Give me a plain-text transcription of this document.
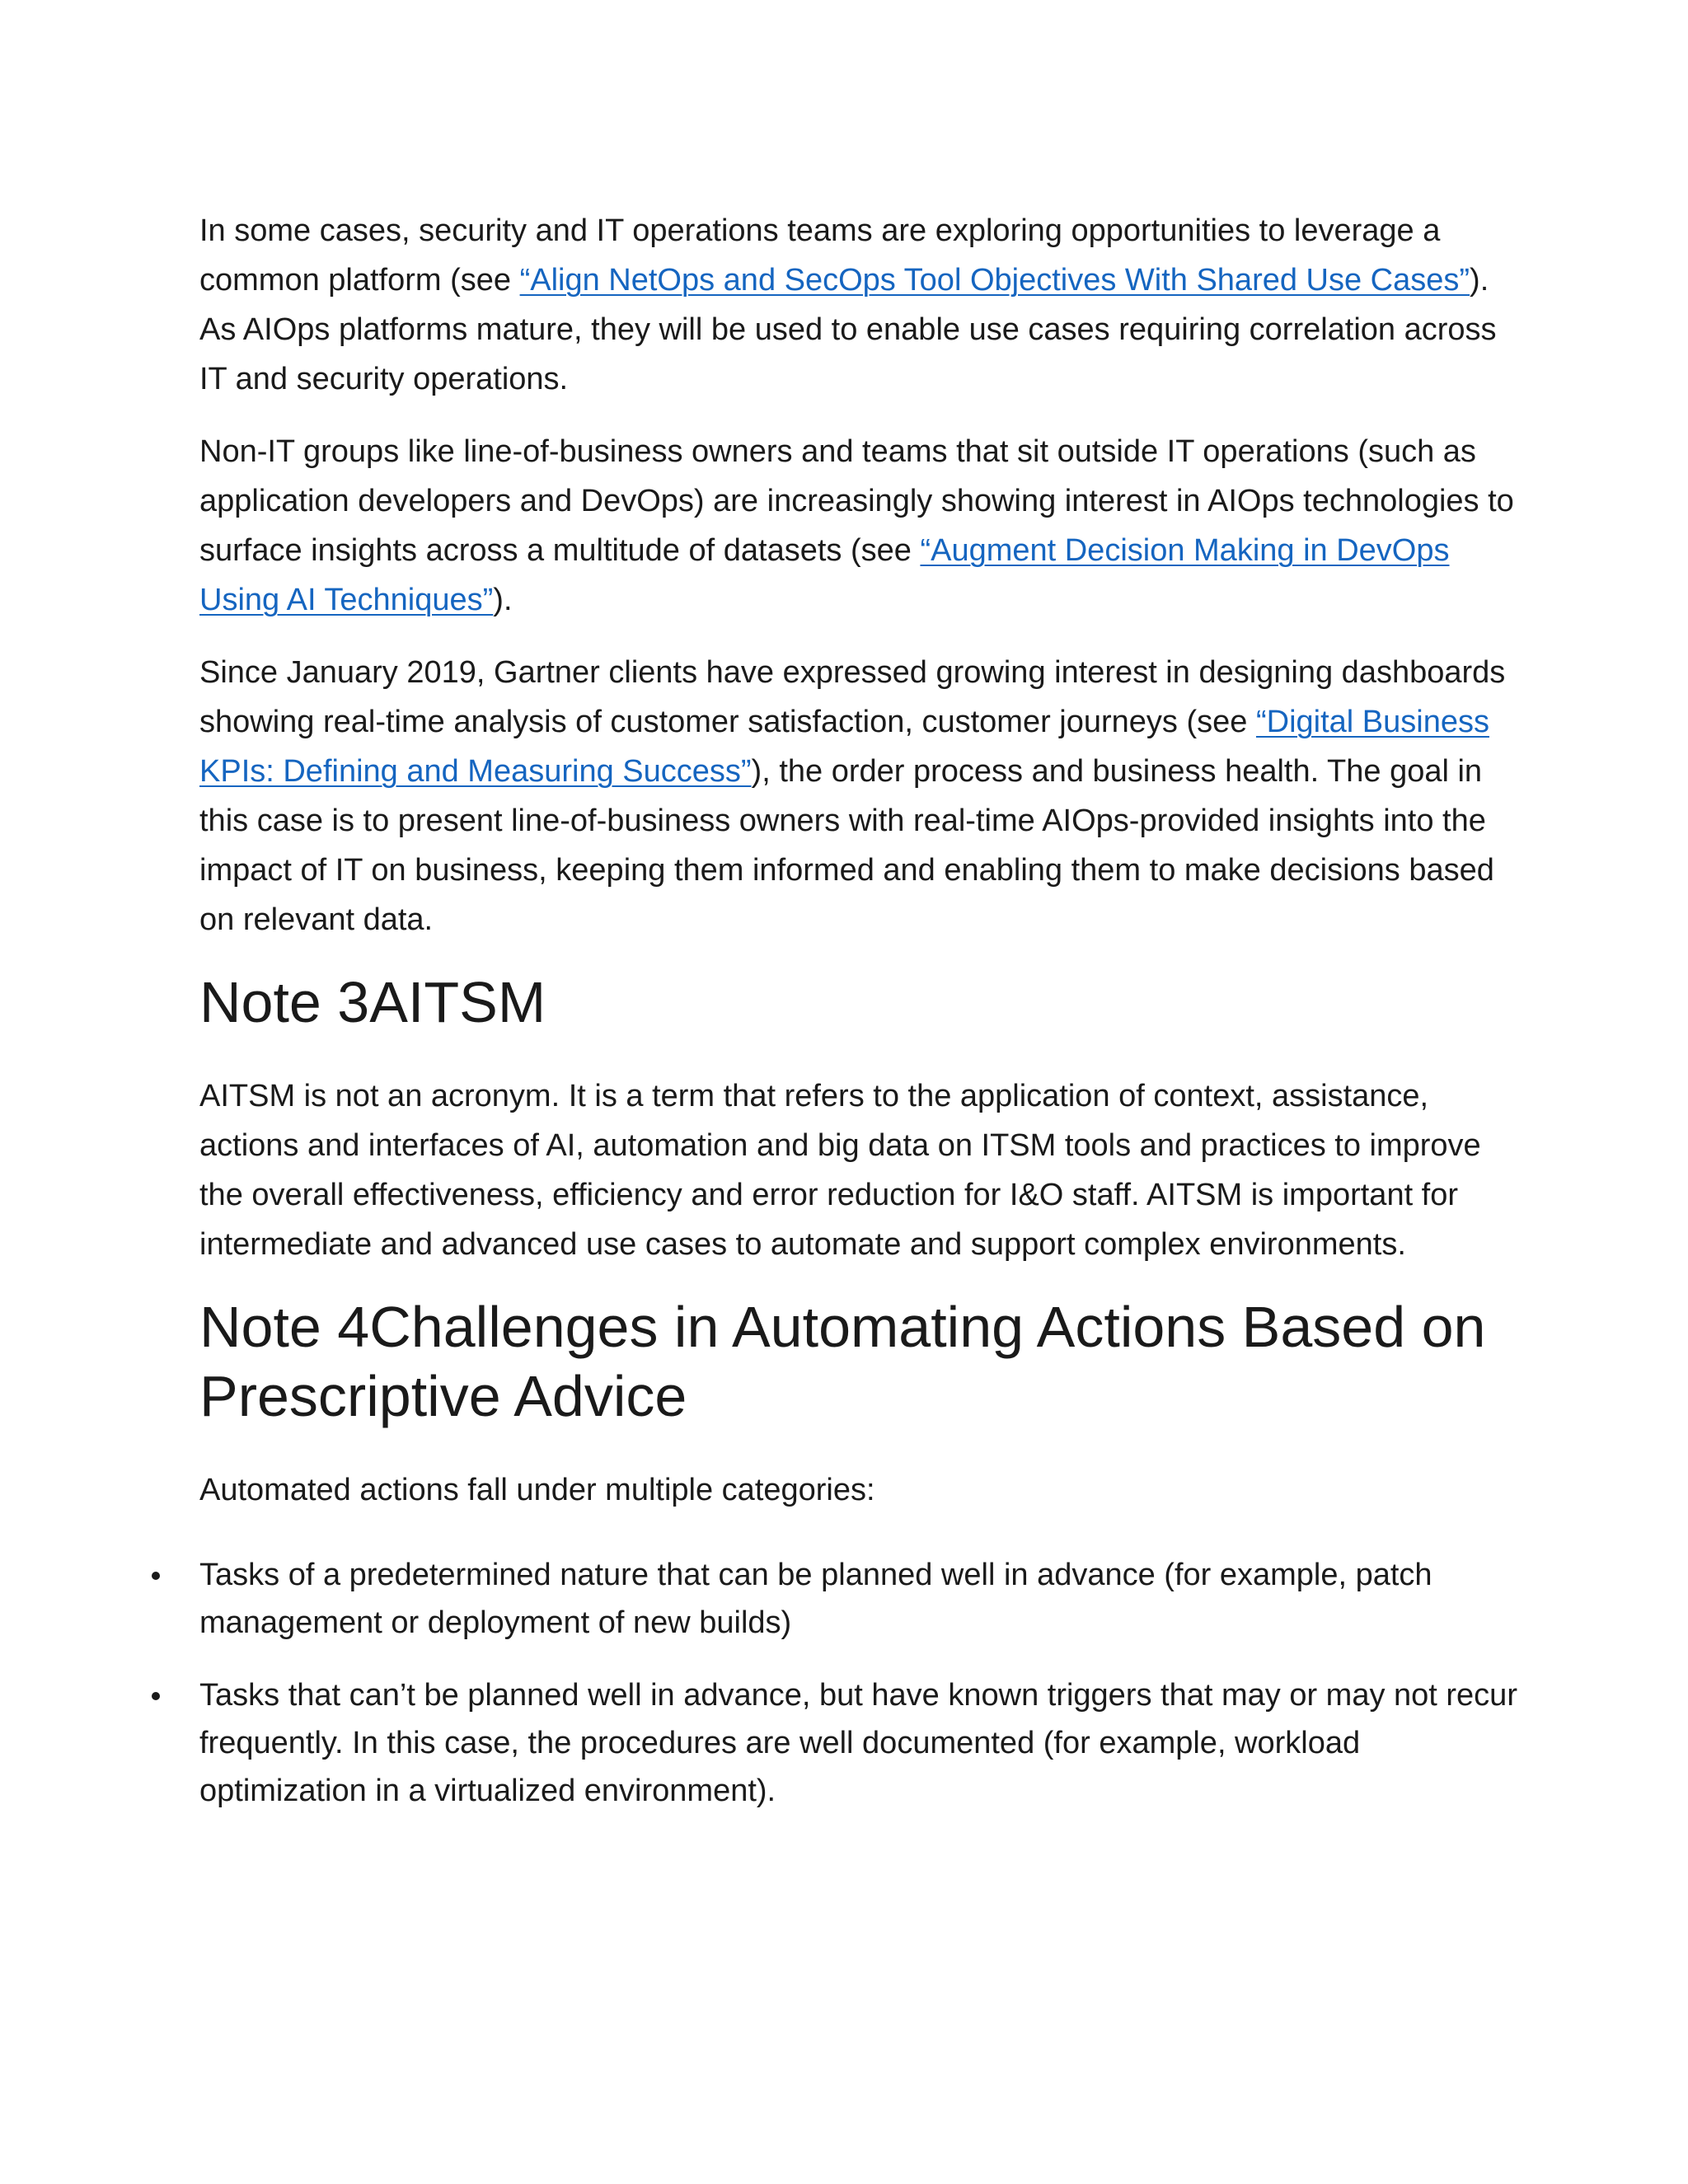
In some cases, security and IT operations teams are exploring opportunities to leverage a common platform (see “Align NetOps and SecOps Tool Objectives With Shared Use Cases”). As AIOps platforms mature, they will be used to enable use cases requiring correlation across IT and security operations.

Non-IT groups like line-of-business owners and teams that sit outside IT operations (such as application developers and DevOps) are increasingly showing interest in AIOps technologies to surface insights across a multitude of datasets (see “Augment Decision Making in DevOps Using AI Techniques”).

Since January 2019, Gartner clients have expressed growing interest in designing dashboards showing real-time analysis of customer satisfaction, customer journeys (see “Digital Business KPIs: Defining and Measuring Success”), the order process and business health. The goal in this case is to present line-of-business owners with real-time AIOps-provided insights into the impact of IT on business, keeping them informed and enabling them to make decisions based on relevant data.

Note 3AITSM

AITSM is not an acronym. It is a term that refers to the application of context, assistance, actions and interfaces of AI, automation and big data on ITSM tools and practices to improve the overall effectiveness, efficiency and error reduction for I&O staff. AITSM is important for intermediate and advanced use cases to automate and support complex environments.

Note 4Challenges in Automating Actions Based on Prescriptive Advice

Automated actions fall under multiple categories:

Tasks of a predetermined nature that can be planned well in advance (for example, patch management or deployment of new builds)
Tasks that can’t be planned well in advance, but have known triggers that may or may not recur frequently. In this case, the procedures are well documented (for example, workload optimization in a virtualized environment).
